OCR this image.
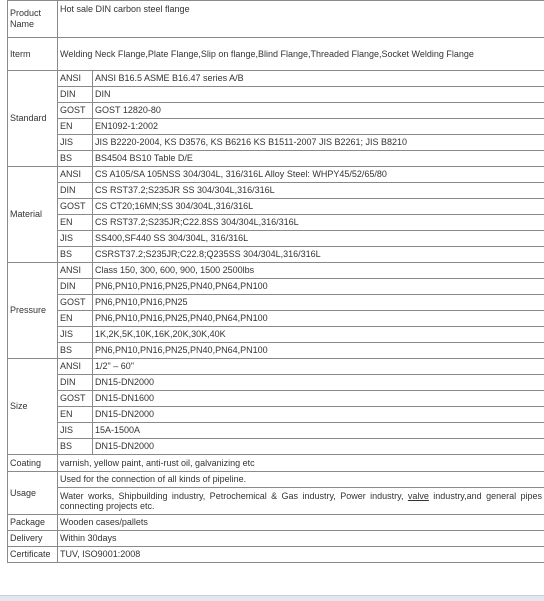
Product Name	Hot sale DIN carbon steel flange	
Iterm	Welding Neck Flange,Plate Flange,Slip on flange,Blind Flange,Threaded Flange,Socket Welding Flange	
Standard	ANSI	ANSI B16.5 ASME B16.47 series A/B
	DIN	DIN
	GOST	GOST 12820-80
	EN	EN1092-1:2002
	JIS	JIS B2220-2004, KS D3576, KS B6216 KS B1511-2007 JIS B2261; JIS B8210
	BS	BS4504 BS10 Table D/E
Material	ANSI	CS A105/SA 105NSS 304/304L, 316/316L Alloy Steel: WHPY45/52/65/80
	DIN	CS RST37.2;S235JR SS 304/304L,316/316L
	GOST	CS CT20;16MN;SS 304/304L,316/316L
	EN	CS RST37.2;S235JR;C22.8SS 304/304L,316/316L
	JIS	SS400,SF440 SS 304/304L, 316/316L
	BS	CSRST37.2;S235JR;C22.8;Q235SS 304/304L,316/316L
Pressure	ANSI	Class 150, 300, 600, 900, 1500 2500lbs
	DIN	PN6,PN10,PN16,PN25,PN40,PN64,PN100
	GOST	PN6,PN10,PN16,PN25
	EN	PN6,PN10,PN16,PN25,PN40,PN64,PN100
	JIS	1K,2K,5K,10K,16K,20K,30K,40K
	BS	PN6,PN10,PN16,PN25,PN40,PN64,PN100
Size	ANSI	1/2" – 60"
	DIN	DN15-DN2000
	GOST	DN15-DN1600
	EN	DN15-DN2000
	JIS	15A-1500A
	BS	DN15-DN2000
Coating	varnish, yellow paint, anti-rust oil, galvanizing etc	
Usage	Used for the connection of all kinds of pipeline.	
	Water works, Shipbuilding industry, Petrochemical & Gas industry, Power industry, valve industry,and general pipes connecting projects etc.	
Package	Wooden cases/pallets	
Delivery	Within 30days	
Certificate	TUV, ISO9001:2008	
